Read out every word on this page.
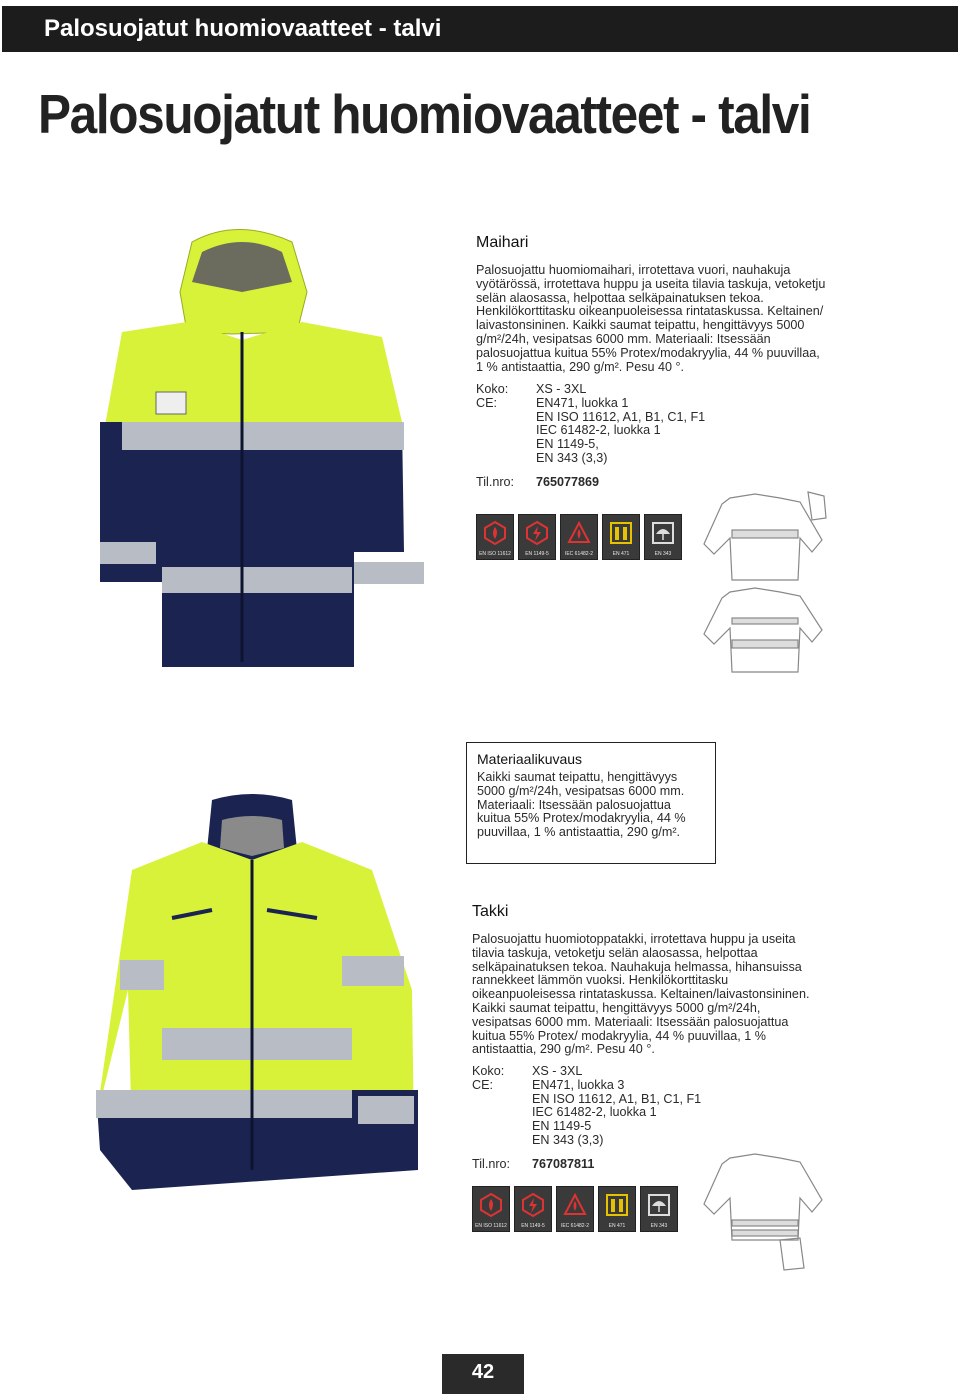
Palosuojatut huomiovaatteet - talvi
Palosuojatut huomiovaatteet - talvi
Maihari
Palosuojattu huomiomaihari, irrotettava vuori, nauhakuja vyötärössä, irrotettava huppu ja useita tilavia taskuja, vetoketju selän alaosassa, helpottaa selkäpainatuksen tekoa. Henkilökorttitasku oikeanpuoleisessa rintataskussa. Keltainen/ laivastonsininen. Kaikki saumat teipattu, hengittävyys 5000 g/m²/24h, vesipatsas 6000 mm. Materiaali: Itsessään palosuojattua kuitua 55% Protex/modakryylia, 44 % puuvillaa, 1 % antistaattia, 290 g/m². Pesu 40 °.
Koko:	XS - 3XL
CE:	EN471, luokka 1
EN ISO 11612, A1, B1, C1, F1
IEC 61482-2, luokka 1
EN 1149-5,
EN 343 (3,3)
Til.nro:	765077869
EN ISO 11612	EN 1149-5	IEC 61482-2	EN 471	EN 343
Materiaalikuvaus
Kaikki saumat teipattu, hengittävyys 5000 g/m²/24h, vesipatsas 6000 mm. Materiaali: Itsessään palosuojattua kuitua 55% Protex/modakryylia, 44 % puuvillaa, 1 % antistaattia, 290 g/m².
Takki
Palosuojattu huomiotoppatakki, irrotettava huppu ja useita tilavia taskuja, vetoketju selän alaosassa, helpottaa selkäpainatuksen tekoa. Nauhakuja helmassa, hihansuissa rannekkeet lämmön vuoksi. Henkilökorttitasku oikeanpuoleisessa rintataskussa. Keltainen/laivastonsininen. Kaikki saumat teipattu, hengittävyys 5000 g/m²/24h, vesipatsas 6000 mm. Materiaali: Itsessään palosuojattua kuitua 55% Protex/ modakryylia, 44 % puuvillaa, 1 % antistaattia, 290 g/m². Pesu 40 °.
Koko:	XS - 3XL
CE:	EN471, luokka 3
EN ISO 11612, A1, B1, C1, F1
IEC 61482-2, luokka 1
EN 1149-5
EN 343 (3,3)
Til.nro:	767087811
EN ISO 11612	EN 1149-5	IEC 61482-2	EN 471	EN 343
42
